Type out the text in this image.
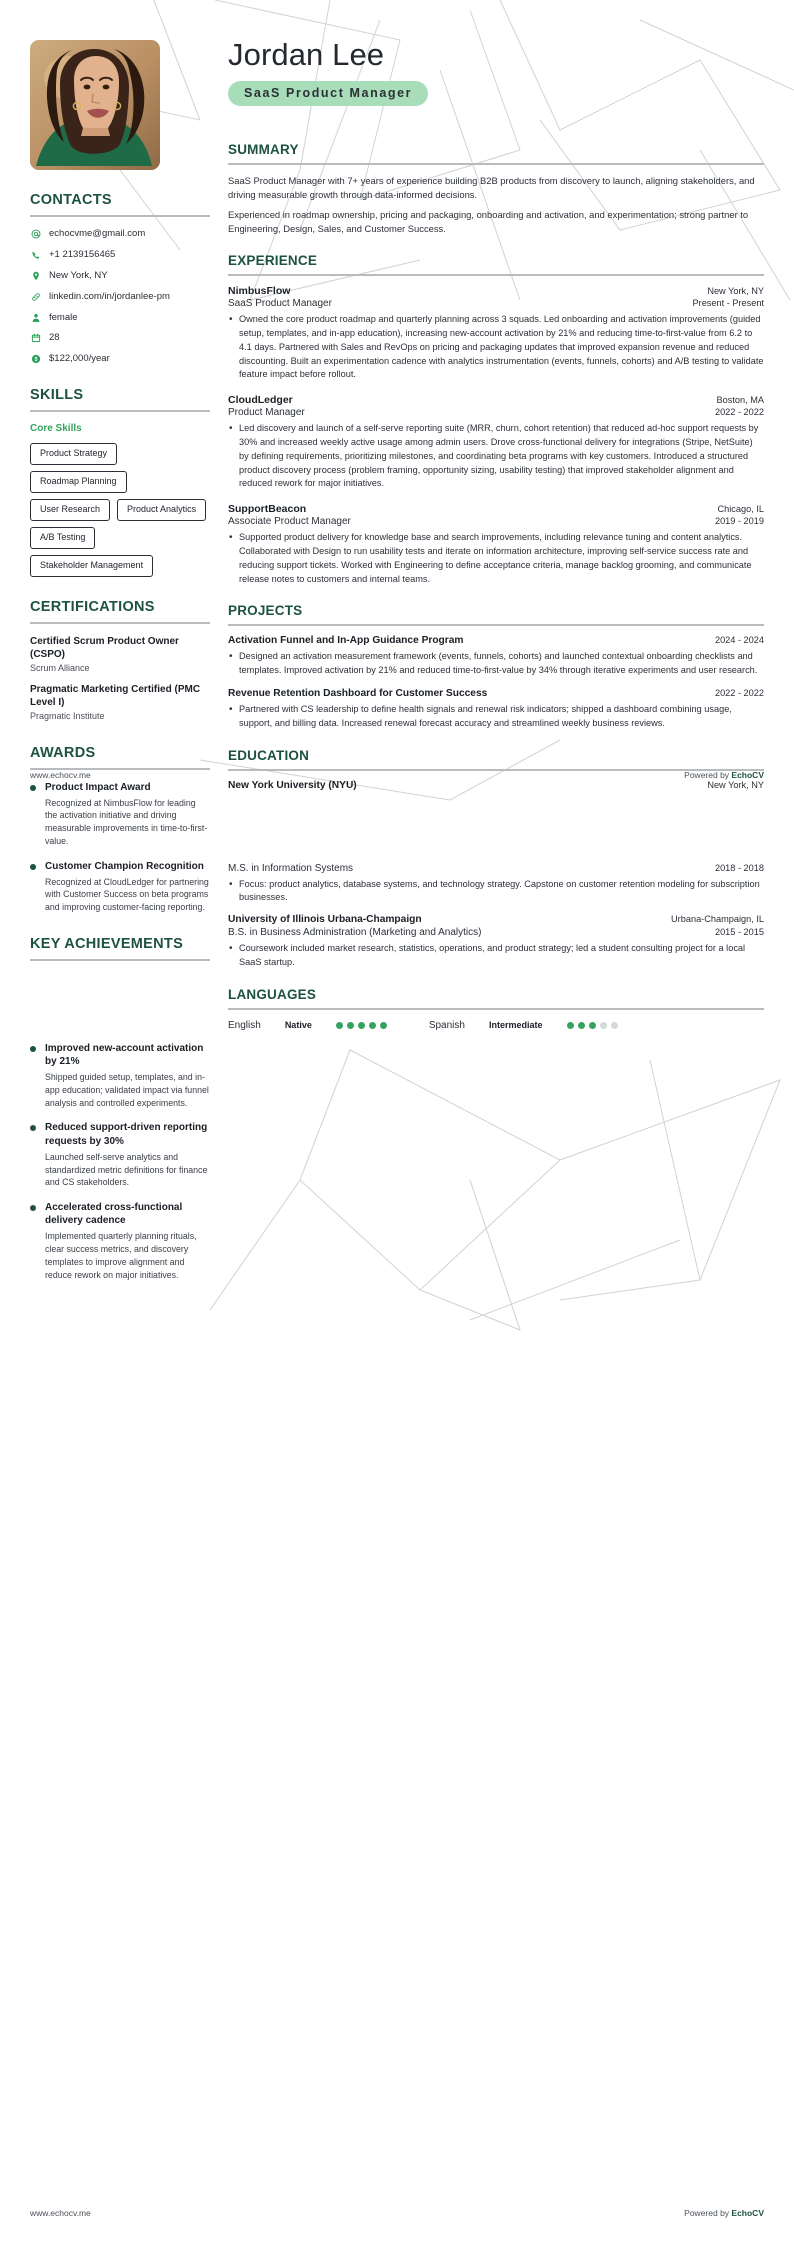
CONTACTS
echocvme@gmail.com
+1 2139156465
New York, NY
linkedin.com/in/jordanlee-pm
female
28
$122,000/year
SKILLS
Core Skills
Product Strategy
Roadmap Planning
User Research	Product Analytics
A/B Testing
Stakeholder Management
CERTIFICATIONS
Certified Scrum Product Owner (CSPO)
Scrum Alliance
Pragmatic Marketing Certified (PMC Level I)
Pragmatic Institute
AWARDS
Product Impact Award
Recognized at NimbusFlow for leading the activation initiative and driving measurable improvements in time-to-first-value.
Customer Champion Recognition
Recognized at CloudLedger for partnering with Customer Success on beta programs and improving customer-facing reporting.
KEY ACHIEVEMENTS
Improved new-account activation by 21%
Shipped guided setup, templates, and in-app education; validated impact via funnel analysis and controlled experiments.
Reduced support-driven reporting requests by 30%
Launched self-serve analytics and standardized metric definitions for finance and CS stakeholders.
Accelerated cross-functional delivery cadence
Implemented quarterly planning rituals, clear success metrics, and discovery templates to improve alignment and reduce rework on major initiatives.
Jordan Lee
SaaS Product Manager
SUMMARY

SaaS Product Manager with 7+ years of experience building B2B products from discovery to launch, aligning stakeholders, and driving measurable growth through data-informed decisions.

Experienced in roadmap ownership, pricing and packaging, onboarding and activation, and experimentation; strong partner to Engineering, Design, Sales, and Customer Success.

EXPERIENCE
NimbusFlow	New York, NY
SaaS Product Manager	Present - Present
• Owned the core product roadmap and quarterly planning across 3 squads. Led onboarding and activation improvements (guided setup, templates, and in-app education), increasing new-account activation by 21% and reducing time-to-first-value from 6.2 to 4.1 days. Partnered with Sales and RevOps on pricing and packaging updates that improved expansion revenue and reduced discounting. Built an experimentation cadence with analytics instrumentation (events, funnels, cohorts) and A/B testing to validate feature impact before rollout.
CloudLedger	Boston, MA
Product Manager	2022 - 2022
• Led discovery and launch of a self-serve reporting suite (MRR, churn, cohort retention) that reduced ad-hoc support requests by 30% and increased weekly active usage among admin users. Drove cross-functional delivery for integrations (Stripe, NetSuite) by defining requirements, prioritizing milestones, and coordinating beta programs with key customers. Introduced a structured product discovery process (problem framing, opportunity sizing, usability testing) that improved stakeholder alignment and reduced rework for major initiatives.
SupportBeacon	Chicago, IL
Associate Product Manager	2019 - 2019
• Supported product delivery for knowledge base and search improvements, including relevance tuning and content analytics. Collaborated with Design to run usability tests and iterate on information architecture, improving self-service success rate and reducing support tickets. Worked with Engineering to define acceptance criteria, manage backlog grooming, and communicate release notes to customers and internal teams.
PROJECTS
Activation Funnel and In-App Guidance Program	2024 - 2024
• Designed an activation measurement framework (events, funnels, cohorts) and launched contextual onboarding checklists and templates. Improved activation by 21% and reduced time-to-first-value by 34% through iterative experiments and user research.
Revenue Retention Dashboard for Customer Success	2022 - 2022
• Partnered with CS leadership to define health signals and renewal risk indicators; shipped a dashboard combining usage, support, and billing data. Increased renewal forecast accuracy and streamlined weekly business reviews.
EDUCATION
New York University (NYU)	New York, NY
M.S. in Information Systems	2018 - 2018
• Focus: product analytics, database systems, and technology strategy. Capstone on customer retention modeling for subscription businesses.
University of Illinois Urbana-Champaign	Urbana-Champaign, IL
B.S. in Business Administration (Marketing and Analytics)	2015 - 2015
• Coursework included market research, statistics, operations, and product strategy; led a student consulting project for a local SaaS startup.
LANGUAGES
English	Native	Spanish	Intermediate
www.echocv.me	Powered by EchoCV
www.echocv.me	Powered by EchoCV
